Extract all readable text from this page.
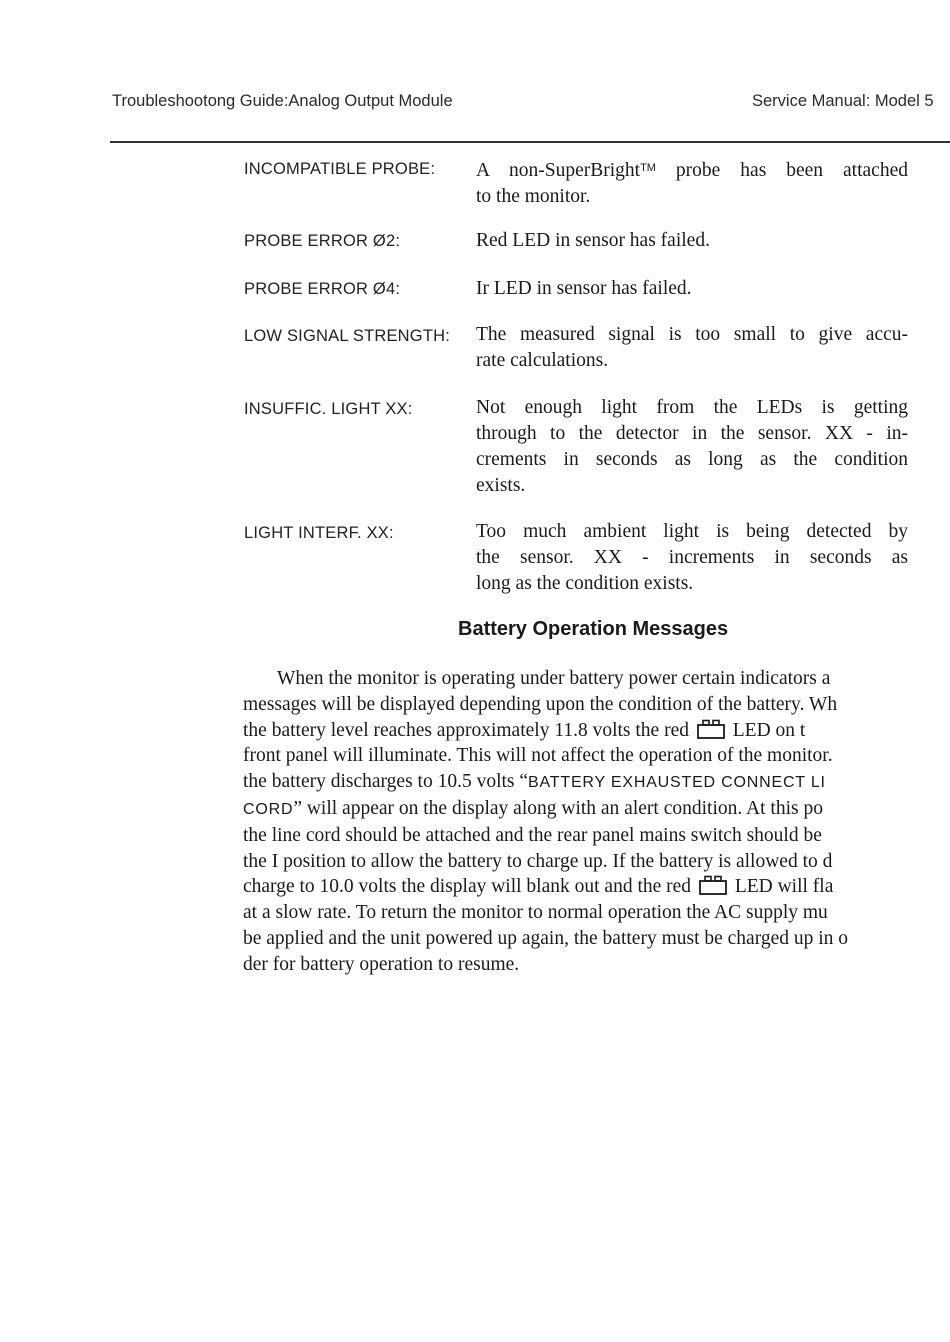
Troubleshootong Guide:Analog Output Module	Service Manual: Model 5
INCOMPATIBLE PROBE: A non-SuperBright™ probe has been attached
to the monitor.
PROBE ERROR Ø2:	Red LED in sensor has failed.
PROBE ERROR Ø4:	Ir LED in sensor has failed.
LOW SIGNAL STRENGTH: The measured signal is too small to give accu-
rate calculations.
INSUFFIC. LIGHT XX:	Not enough light from the LEDs is getting
through to the detector in the sensor. XX - in-
crements in seconds as long as the condition
exists.
LIGHT INTERF. XX:	Too much ambient light is being detected by
the sensor. XX - increments in seconds as
long as the condition exists.
Battery Operation Messages
When the monitor is operating under battery power certain indicators a
messages will be displayed depending upon the condition of the battery. Wh
the battery level reaches approximately 11.8 volts the red LED on t
front panel will illuminate. This will not affect the operation of the monitor.
the battery discharges to 10.5 volts “BATTERY EXHAUSTED CONNECT LI
CORD” will appear on the display along with an alert condition. At this po
the line cord should be attached and the rear panel mains switch should be
the I position to allow the battery to charge up. If the battery is allowed to d
charge to 10.0 volts the display will blank out and the red LED will fla
at a slow rate. To return the monitor to normal operation the AC supply mu
be applied and the unit powered up again, the battery must be charged up in o
der for battery operation to resume.
